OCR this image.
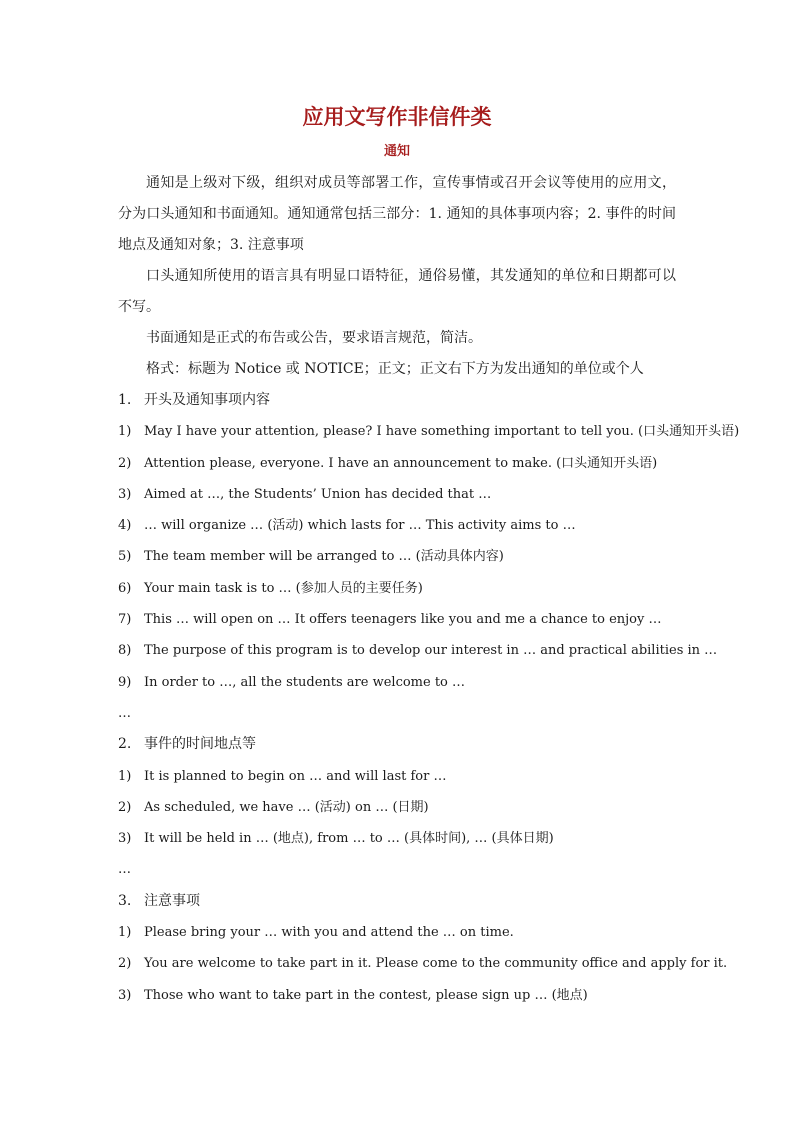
应用文写作非信件类
通知

通知是上级对下级，组织对成员等部署工作，宣传事情或召开会议等使用的应用文，分为口头通知和书面通知。通知通常包括三部分：1. 通知的具体事项内容；2. 事件的时间地点及通知对象；3. 注意事项

口头通知所使用的语言具有明显口语特征，通俗易懂，其发通知的单位和日期都可以不写。

书面通知是正式的布告或公告，要求语言规范，简洁。

格式：标题为 Notice 或 NOTICE；正文；正文右下方为发出通知的单位或个人

1. 开头及通知事项内容
1) May I have your attention, please? I have something important to tell you. (口头通知开头语)
2) Attention please, everyone. I have an announcement to make. (口头通知开头语)
3) Aimed at …, the Students’ Union has decided that …
4) … will organize … (活动) which lasts for … This activity aims to …
5) The team member will be arranged to … (活动具体内容)
6) Your main task is to … (参加人员的主要任务)
7) This … will open on … It offers teenagers like you and me a chance to enjoy …
8) The purpose of this program is to develop our interest in … and practical abilities in …
9) In order to …, all the students are welcome to …
…
2. 事件的时间地点等
1) It is planned to begin on … and will last for …
2) As scheduled, we have … (活动) on … (日期)
3) It will be held in … (地点), from … to … (具体时间), … (具体日期)
…
3. 注意事项
1) Please bring your … with you and attend the … on time.
2) You are welcome to take part in it. Please come to the community office and apply for it.
3) Those who want to take part in the contest, please sign up … (地点)
